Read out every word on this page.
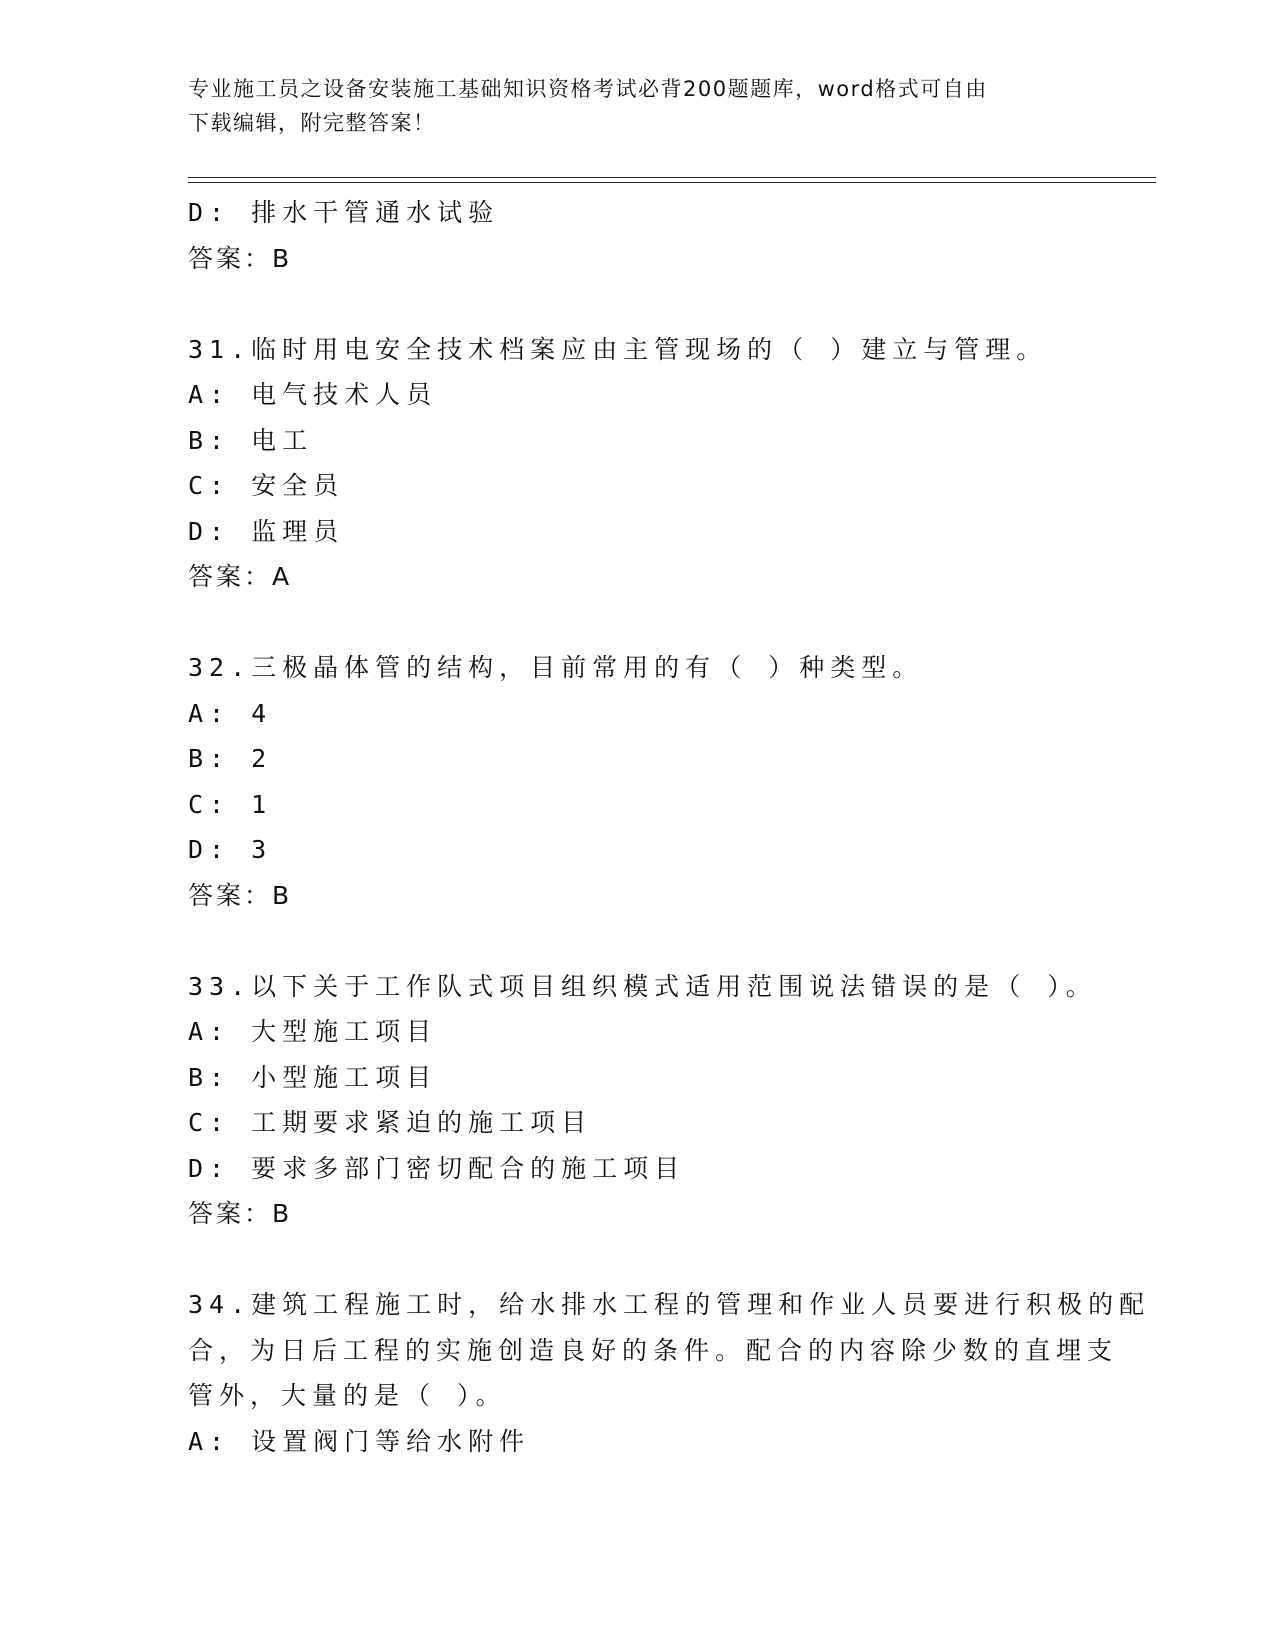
专业施工员之设备安装施工基础知识资格考试必背200题题库，word格式可自由
下载编辑，附完整答案！
D: 排水干管通水试验
答案：B
31.临时用电安全技术档案应由主管现场的（ ）建立与管理。
A: 电气技术人员
B: 电工
C: 安全员
D: 监理员
答案：A
32.三极晶体管的结构，目前常用的有（ ）种类型。
A: 4
B: 2
C: 1
D: 3
答案：B
33.以下关于工作队式项目组织模式适用范围说法错误的是（ ）。
A: 大型施工项目
B: 小型施工项目
C: 工期要求紧迫的施工项目
D: 要求多部门密切配合的施工项目
答案：B
34.建筑工程施工时，给水排水工程的管理和作业人员要进行积极的配
合，为日后工程的实施创造良好的条件。配合的内容除少数的直埋支
管外，大量的是（ ）。
A: 设置阀门等给水附件
